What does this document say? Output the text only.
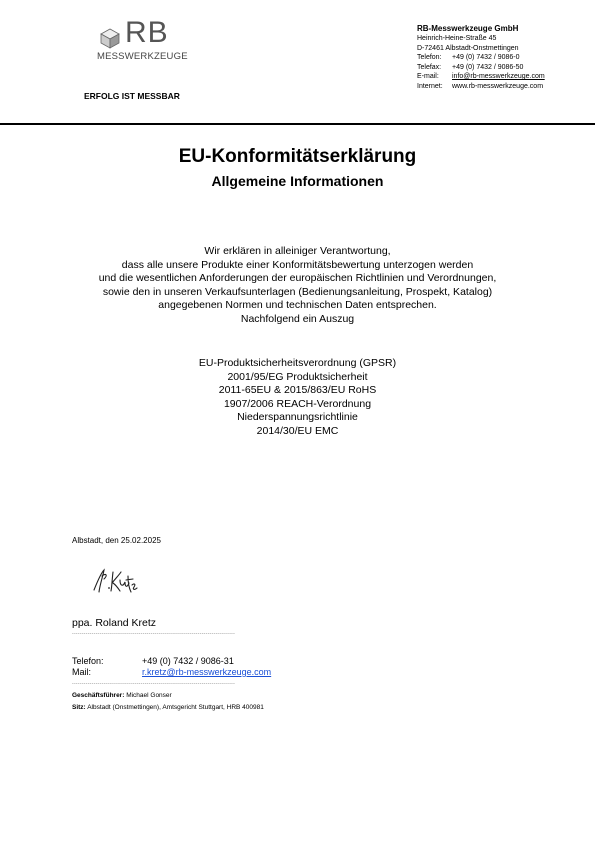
RB
MESSWERKZEUGE
ERFOLG IST MESSBAR
RB-Messwerkzeuge GmbH
Heinrich-Heine-Straße 45
D-72461 Albstadt-Onstmettingen
Telefon: +49 (0) 7432 / 9086-0
Telefax: +49 (0) 7432 / 9086-50
E-mail: info@rb-messwerkzeuge.com
Internet: www.rb-messwerkzeuge.com
EU-Konformitätserklärung
Allgemeine Informationen
Wir erklären in alleiniger Verantwortung,
dass alle unsere Produkte einer Konformitätsbewertung unterzogen werden
und die wesentlichen Anforderungen der europäischen Richtlinien und Verordnungen,
sowie den in unseren Verkaufsunterlagen (Bedienungsanleitung, Prospekt, Katalog)
angegebenen Normen und technischen Daten entsprechen.
Nachfolgend ein Auszug
EU-Produktsicherheitsverordnung (GPSR)
2001/95/EG Produktsicherheit
2011-65EU & 2015/863/EU RoHS
1907/2006 REACH-Verordnung
Niederspannungsrichtlinie
2014/30/EU EMC
Albstadt, den 25.02.2025
ppa. Roland Kretz
-----------------------------------------------------------------------------------
Telefon:	+49 (0) 7432 / 9086-31
Mail:	r.kretz@rb-messwerkzeuge.com
-----------------------------------------------------------------------------------
Geschäftsführer: Michael Gonser
Sitz: Albstadt (Onstmettingen), Amtsgericht Stuttgart, HRB 400981
